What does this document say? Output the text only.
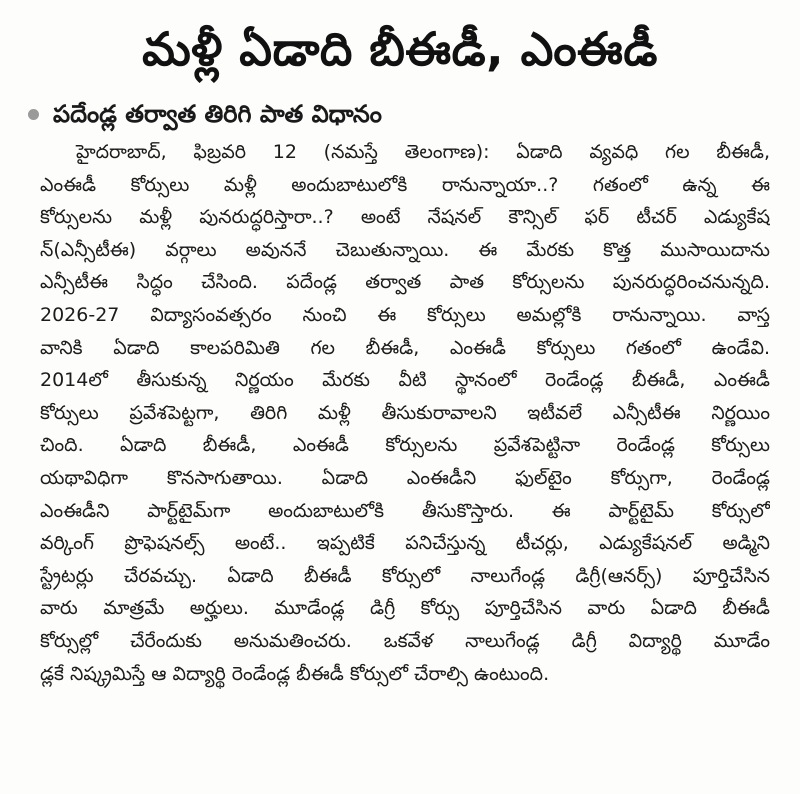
మళ్లీ ఏడాది బీఈడీ, ఎంఈడీ
పదేండ్ల తర్వాత తిరిగి పాత విధానం
హైదరాబాద్‌, ఫిబ్రవరి 12 (నమస్తే తెలంగాణ): ఏడాది వ్యవధి గల బీఈడీ,
ఎంఈడీ కోర్సులు మళ్లీ అందుబాటులోకి రానున్నాయా..? గతంలో ఉన్న ఈ
కోర్సులను మళ్లీ పునరుద్ధరిస్తారా..? అంటే నేషనల్‌ కౌన్సిల్‌ ఫర్‌ టీచర్‌ ఎడ్యుకేష
న్‌(ఎన్సీటీఈ) వర్గాలు అవుననే చెబుతున్నాయి. ఈ మేరకు కొత్త ముసాయిదాను
ఎన్సీటీఈ సిద్ధం చేసింది. పదేండ్ల తర్వాత పాత కోర్సులను పునరుద్ధరించనున్నది.
2026-27 విద్యాసంవత్సరం నుంచి ఈ కోర్సులు అమల్లోకి రానున్నాయి. వాస్త
వానికి ఏడాది కాలపరిమితి గల బీఈడీ, ఎంఈడీ కోర్సులు గతంలో ఉండేవి.
2014లో తీసుకున్న నిర్ణయం మేరకు వీటి స్థానంలో రెండేండ్ల బీఈడీ, ఎంఈడీ
కోర్సులు ప్రవేశపెట్టగా, తిరిగి మళ్లీ తీసుకురావాలని ఇటీవలే ఎన్సీటీఈ నిర్ణయిం
చింది. ఏడాది బీఈడీ, ఎంఈడీ కోర్సులను ప్రవేశపెట్టినా రెండేండ్ల కోర్సులు
యథావిధిగా కొనసాగుతాయి. ఏడాది ఎంఈడీని ఫుల్‌టైం కోర్సుగా, రెండేండ్ల
ఎంఈడీని పార్ట్‌టైమ్‌గా అందుబాటులోకి తీసుకొస్తారు. ఈ పార్ట్‌టైమ్‌ కోర్సులో
వర్కింగ్‌ ప్రొఫెషనల్స్‌ అంటే.. ఇప్పటికే పనిచేస్తున్న టీచర్లు, ఎడ్యుకేషనల్‌ అడ్మిని
స్ట్రేటర్లు చేరవచ్చు. ఏడాది బీఈడీ కోర్సులో నాలుగేండ్ల డిగ్రీ(ఆనర్స్‌) పూర్తిచేసిన
వారు మాత్రమే అర్హులు. మూడేండ్ల డిగ్రీ కోర్సు పూర్తిచేసిన వారు ఏడాది బీఈడీ
కోర్సుల్లో చేరేందుకు అనుమతించరు. ఒకవేళ నాలుగేండ్ల డిగ్రీ విద్యార్థి మూడేం
డ్లకే నిష్క్రమిస్తే ఆ విద్యార్థి రెండేండ్ల బీఈడీ కోర్సులో చేరాల్సి ఉంటుంది.
